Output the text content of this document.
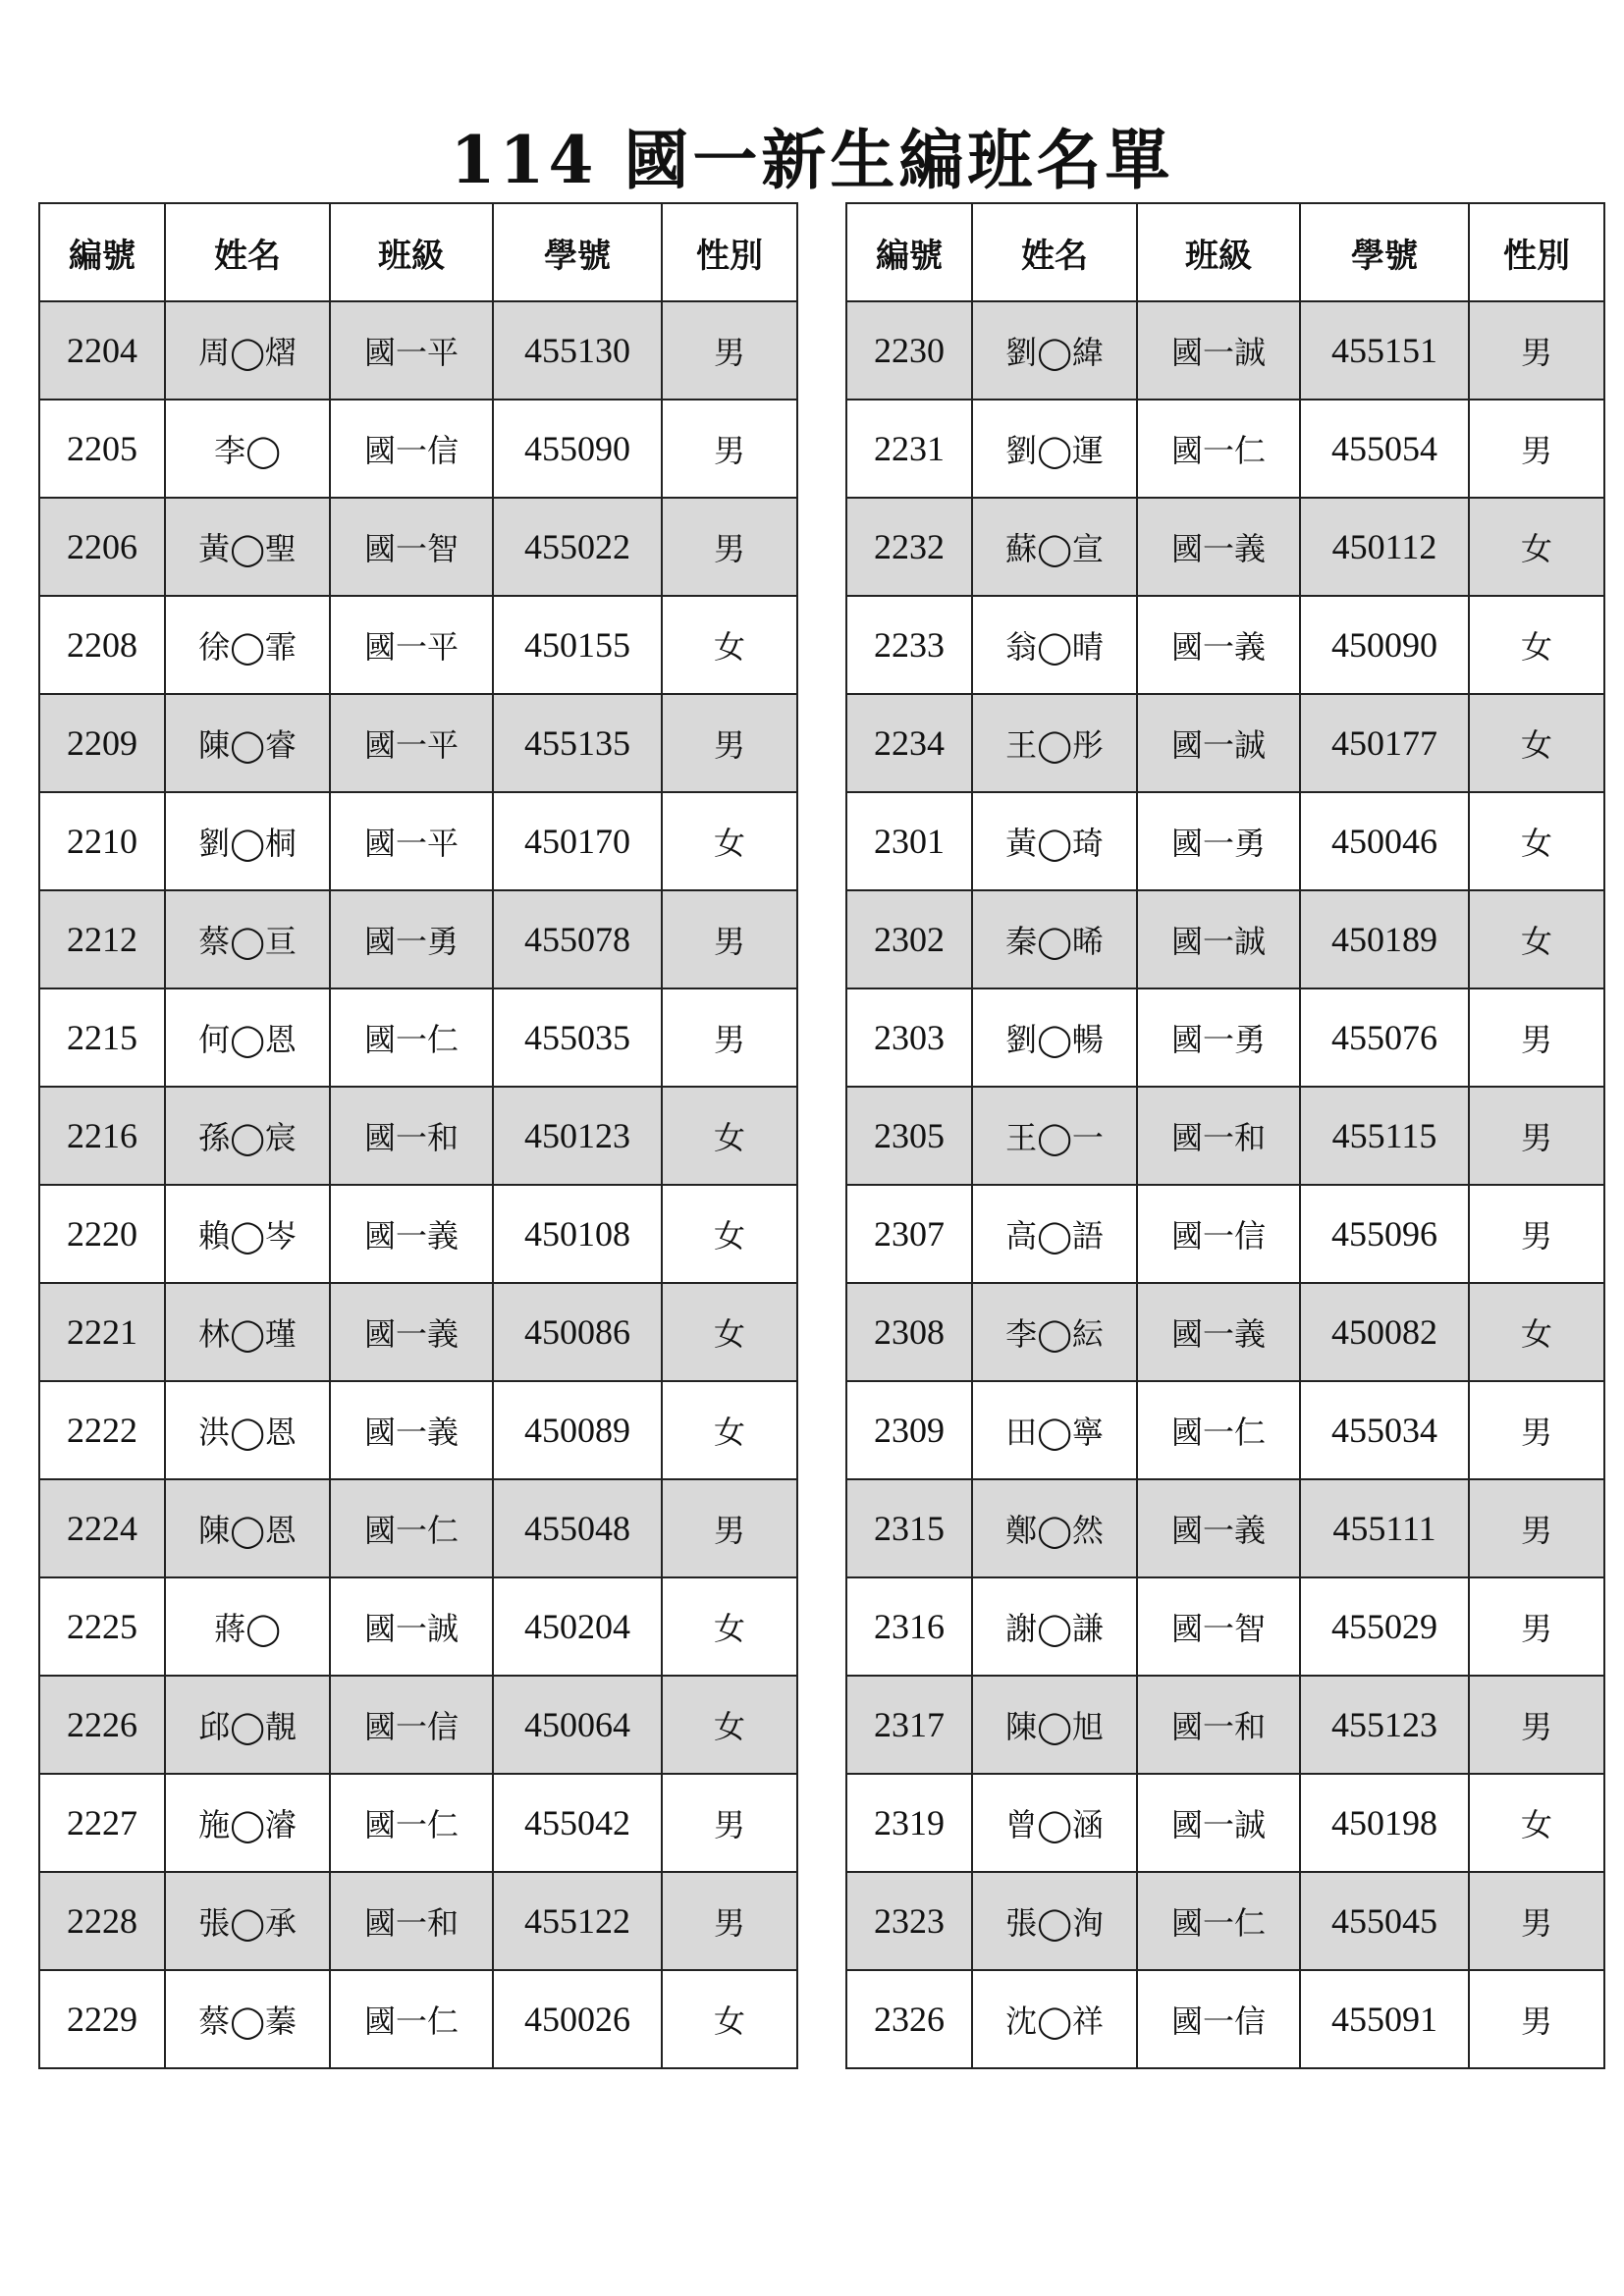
114 國一新生編班名單
編號	姓名	班級	學號	性別
2204	周◯熠	國一平	455130	男
2205	李◯	國一信	455090	男
2206	黃◯聖	國一智	455022	男
2208	徐◯霏	國一平	450155	女
2209	陳◯睿	國一平	455135	男
2210	劉◯桐	國一平	450170	女
2212	蔡◯亘	國一勇	455078	男
2215	何◯恩	國一仁	455035	男
2216	孫◯宸	國一和	450123	女
2220	賴◯岑	國一義	450108	女
2221	林◯瑾	國一義	450086	女
2222	洪◯恩	國一義	450089	女
2224	陳◯恩	國一仁	455048	男
2225	蔣◯	國一誠	450204	女
2226	邱◯靚	國一信	450064	女
2227	施◯濬	國一仁	455042	男
2228	張◯承	國一和	455122	男
2229	蔡◯蓁	國一仁	450026	女
編號	姓名	班級	學號	性別
2230	劉◯緯	國一誠	455151	男
2231	劉◯運	國一仁	455054	男
2232	蘇◯宣	國一義	450112	女
2233	翁◯晴	國一義	450090	女
2234	王◯彤	國一誠	450177	女
2301	黃◯琦	國一勇	450046	女
2302	秦◯晞	國一誠	450189	女
2303	劉◯暢	國一勇	455076	男
2305	王◯一	國一和	455115	男
2307	高◯語	國一信	455096	男
2308	李◯紜	國一義	450082	女
2309	田◯寧	國一仁	455034	男
2315	鄭◯然	國一義	455111	男
2316	謝◯謙	國一智	455029	男
2317	陳◯旭	國一和	455123	男
2319	曾◯涵	國一誠	450198	女
2323	張◯洵	國一仁	455045	男
2326	沈◯祥	國一信	455091	男
